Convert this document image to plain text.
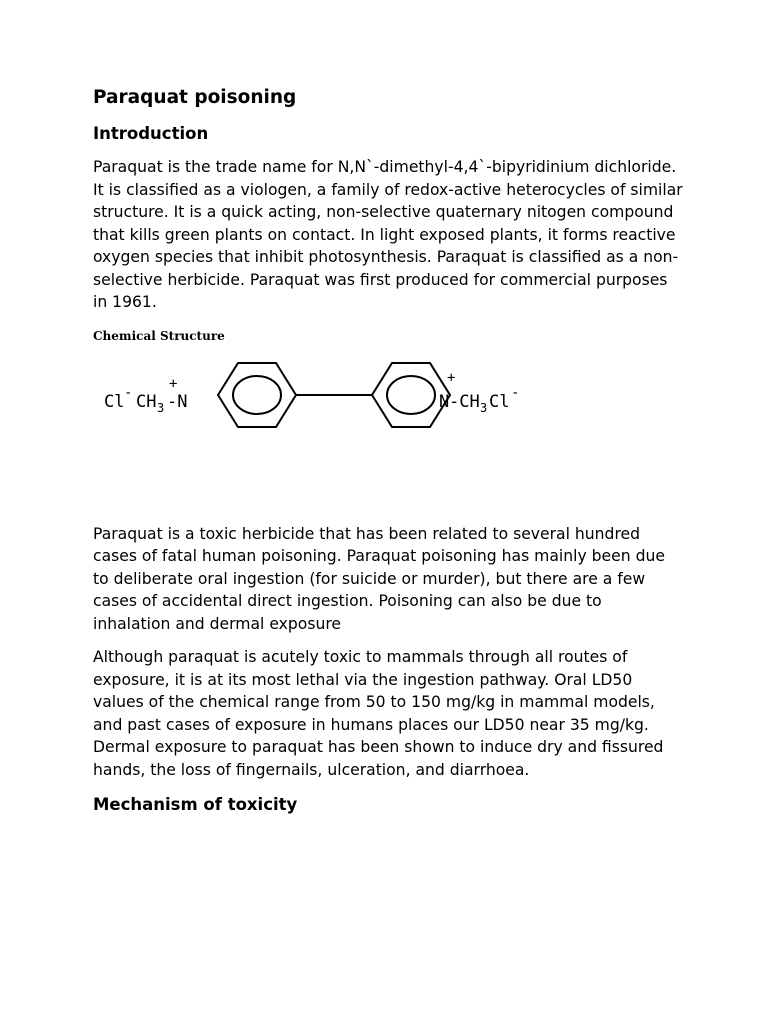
Paraquat poisoning
Introduction

Paraquat is the trade name for N,N`-dimethyl-4,4`-bipyridinium dichloride. It is classified as a viologen, a family of redox-active heterocycles of similar structure. It is a quick acting, non-selective quaternary nitogen compound that kills green plants on contact. In light exposed plants, it forms reactive oxygen species that inhibit photosynthesis. Paraquat is classified as a non-selective herbicide. Paraquat was first produced for commercial purposes in 1961.

Chemical Structure
Cl - CH 3 -N
+
N
+
-CH 3 Cl -

Paraquat is a toxic herbicide that has been related to several hundred cases of fatal human poisoning. Paraquat poisoning has mainly been due to deliberate oral ingestion (for suicide or murder), but there are a few cases of accidental direct ingestion. Poisoning can also be due to inhalation and dermal exposure

Although paraquat is acutely toxic to mammals through all routes of exposure, it is at its most lethal via the ingestion pathway. Oral LD50 values of the chemical range from 50 to 150 mg/kg in mammal models, and past cases of exposure in humans places our LD50 near 35 mg/kg. Dermal exposure to paraquat has been shown to induce dry and fissured hands, the loss of fingernails, ulceration, and diarrhoea.

Mechanism of toxicity
